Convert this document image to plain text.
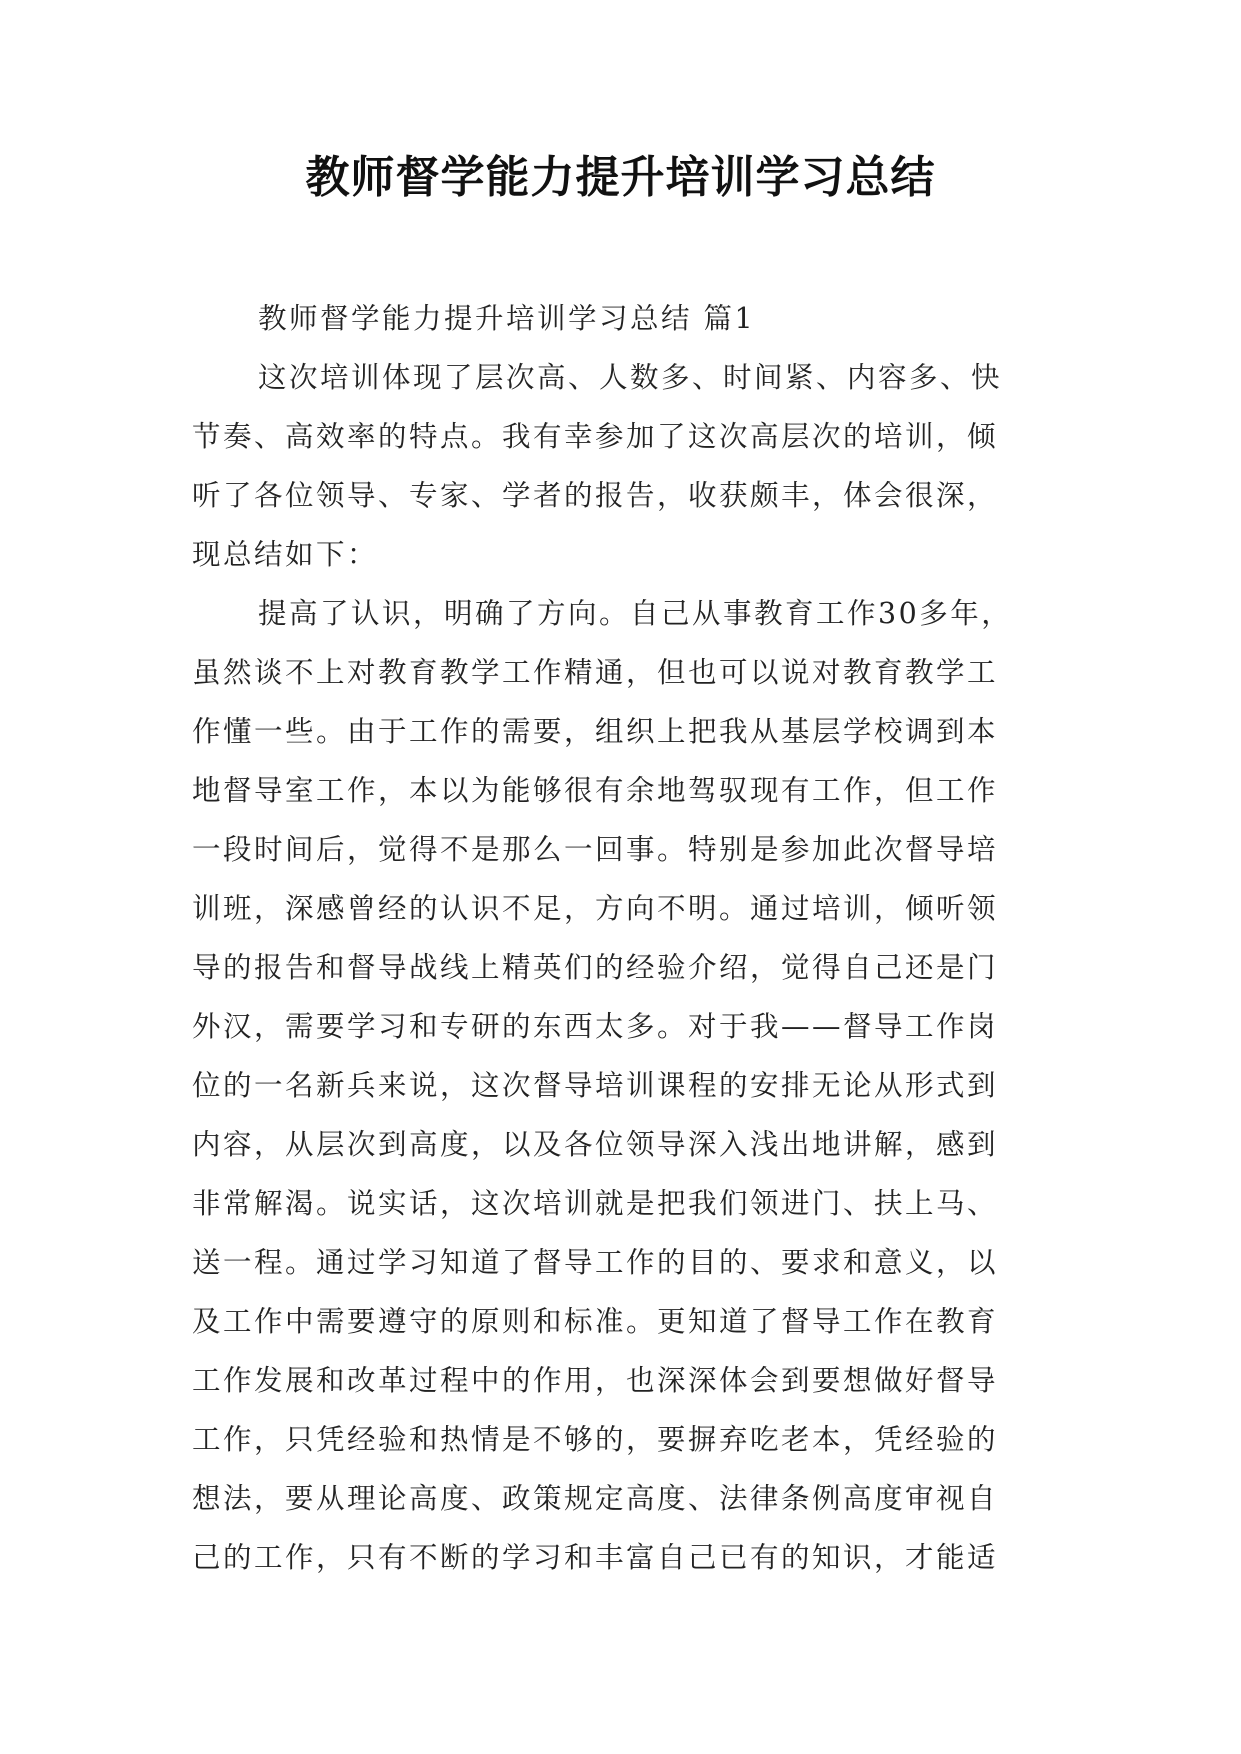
教师督学能力提升培训学习总结
教师督学能力提升培训学习总结 篇1
这次培训体现了层次高、人数多、时间紧、内容多、快
节奏、高效率的特点。我有幸参加了这次高层次的培训，倾
听了各位领导、专家、学者的报告，收获颇丰，体会很深，
现总结如下：
提高了认识，明确了方向。自己从事教育工作30多年，
虽然谈不上对教育教学工作精通，但也可以说对教育教学工
作懂一些。由于工作的需要，组织上把我从基层学校调到本
地督导室工作，本以为能够很有余地驾驭现有工作，但工作
一段时间后，觉得不是那么一回事。特别是参加此次督导培
训班，深感曾经的认识不足，方向不明。通过培训，倾听领
导的报告和督导战线上精英们的经验介绍，觉得自己还是门
外汉，需要学习和专研的东西太多。对于我——督导工作岗
位的一名新兵来说，这次督导培训课程的安排无论从形式到
内容，从层次到高度，以及各位领导深入浅出地讲解，感到
非常解渴。说实话，这次培训就是把我们领进门、扶上马、
送一程。通过学习知道了督导工作的目的、要求和意义，以
及工作中需要遵守的原则和标准。更知道了督导工作在教育
工作发展和改革过程中的作用，也深深体会到要想做好督导
工作，只凭经验和热情是不够的，要摒弃吃老本，凭经验的
想法，要从理论高度、政策规定高度、法律条例高度审视自
己的工作，只有不断的学习和丰富自己已有的知识，才能适
